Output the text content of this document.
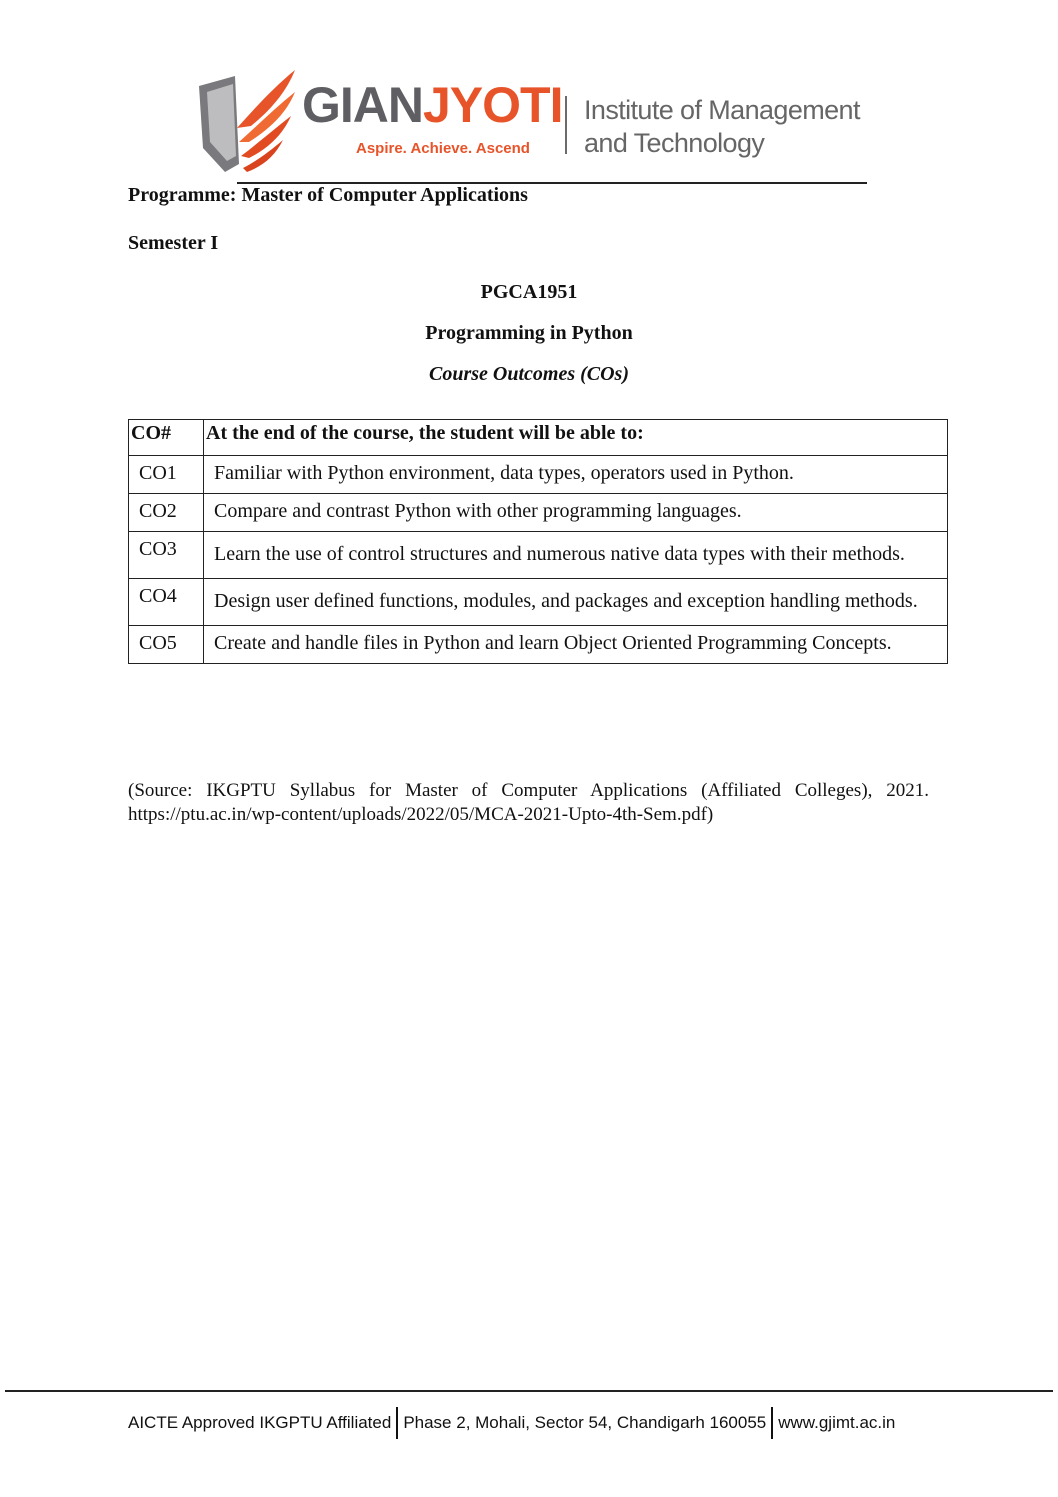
GIANJYOTI
Aspire. Achieve. Ascend
Institute of Management
and Technology
Programme: Master of Computer Applications
Semester I
PGCA1951
Programming in Python
Course Outcomes (COs)
CO#	At the end of the course, the student will be able to:
CO1	Familiar with Python environment, data types, operators used in Python.
CO2	Compare and contrast Python with other programming languages.
CO3	Learn the use of control structures and numerous native data types with their methods.
CO4	Design user defined functions, modules, and packages and exception handling methods.
CO5	Create and handle files in Python and learn Object Oriented Programming Concepts.
(Source: IKGPTU Syllabus for Master of Computer Applications (Affiliated Colleges), 2021. https://ptu.ac.in/wp-content/uploads/2022/05/MCA-2021-Upto-4th-Sem.pdf)
AICTE Approved IKGPTU Affiliated Phase 2, Mohali, Sector 54, Chandigarh 160055 www.gjimt.ac.in
